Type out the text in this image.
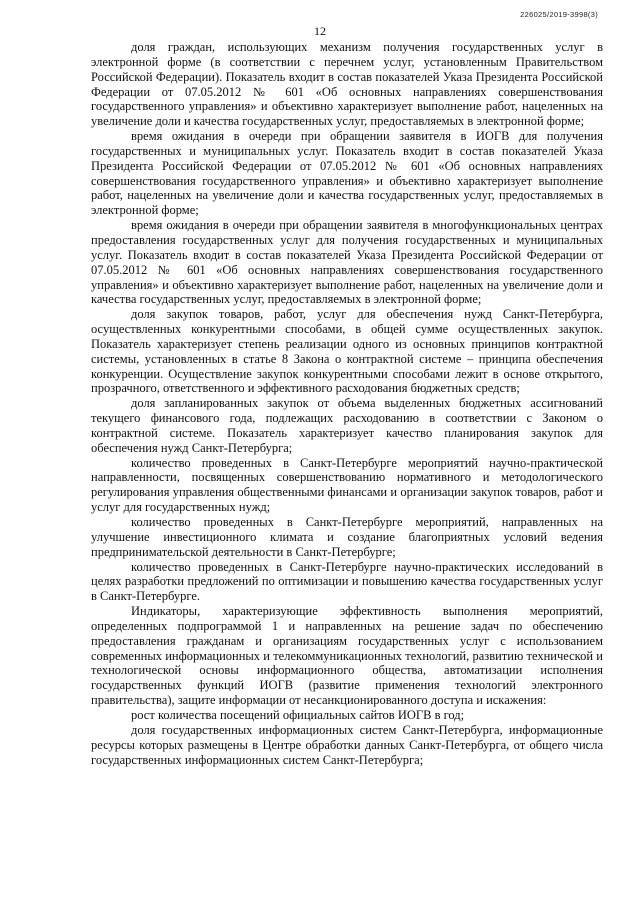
226025/2019-3998(3)
12

доля граждан, использующих механизм получения государственных услуг в электронной форме (в соответствии с перечнем услуг, установленным Правительством Российской Федерации). Показатель входит в состав показателей Указа Президента Российской Федерации от 07.05.2012 № 601 «Об основных направлениях совершенствования государственного управления» и объективно характеризует выполнение работ, нацеленных на увеличение доли и качества государственных услуг, предоставляемых в электронной форме;

время ожидания в очереди при обращении заявителя в ИОГВ для получения государственных и муниципальных услуг. Показатель входит в состав показателей Указа Президента Российской Федерации от 07.05.2012 № 601 «Об основных направлениях совершенствования государственного управления» и объективно характеризует выполнение работ, нацеленных на увеличение доли и качества государственных услуг, предоставляемых в электронной форме;

время ожидания в очереди при обращении заявителя в многофункциональных центрах предоставления государственных услуг для получения государственных и муниципальных услуг. Показатель входит в состав показателей Указа Президента Российской Федерации от 07.05.2012 № 601 «Об основных направлениях совершенствования государственного управления» и объективно характеризует выполнение работ, нацеленных на увеличение доли и качества государственных услуг, предоставляемых в электронной форме;

доля закупок товаров, работ, услуг для обеспечения нужд Санкт-Петербурга, осуществленных конкурентными способами, в общей сумме осуществленных закупок. Показатель характеризует степень реализации одного из основных принципов контрактной системы, установленных в статье 8 Закона о контрактной системе – принципа обеспечения конкуренции. Осуществление закупок конкурентными способами лежит в основе открытого, прозрачного, ответственного и эффективного расходования бюджетных средств;

доля запланированных закупок от объема выделенных бюджетных ассигнований текущего финансового года, подлежащих расходованию в соответствии с Законом о контрактной системе. Показатель характеризует качество планирования закупок для обеспечения нужд Санкт-Петербурга;

количество проведенных в Санкт-Петербурге мероприятий научно-практической направленности, посвященных совершенствованию нормативного и методологического регулирования управления общественными финансами и организации закупок товаров, работ и услуг для государственных нужд;

количество проведенных в Санкт-Петербурге мероприятий, направленных на улучшение инвестиционного климата и создание благоприятных условий ведения предпринимательской деятельности в Санкт-Петербурге;

количество проведенных в Санкт-Петербурге научно-практических исследований в целях разработки предложений по оптимизации и повышению качества государственных услуг в Санкт-Петербурге.

Индикаторы, характеризующие эффективность выполнения мероприятий, определенных подпрограммой 1 и направленных на решение задач по обеспечению предоставления гражданам и организациям государственных услуг с использованием современных информационных и телекоммуникационных технологий, развитию технической и технологической основы информационного общества, автоматизации исполнения государственных функций ИОГВ (развитие применения технологий электронного правительства), защите информации от несанкционированного доступа и искажения:

рост количества посещений официальных сайтов ИОГВ в год;

доля государственных информационных систем Санкт-Петербурга, информационные ресурсы которых размещены в Центре обработки данных Санкт-Петербурга, от общего числа государственных информационных систем Санкт-Петербурга;
